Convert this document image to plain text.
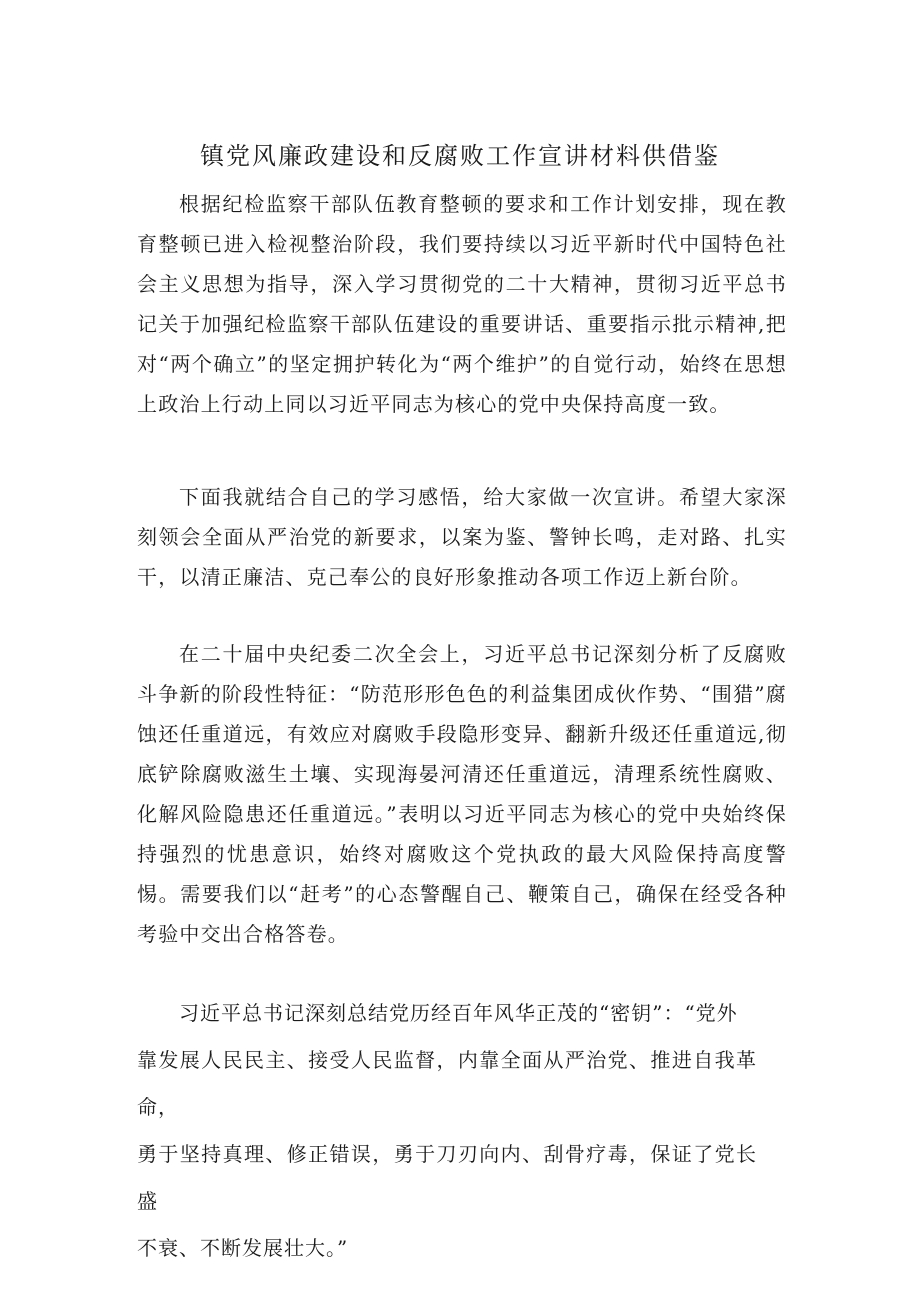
镇党风廉政建设和反腐败工作宣讲材料供借鉴

根据纪检监察干部队伍教育整顿的要求和工作计划安排，现在教育整顿已进入检视整治阶段，我们要持续以习近平新时代中国特色社会主义思想为指导，深入学习贯彻党的二十大精神，贯彻习近平总书记关于加强纪检监察干部队伍建设的重要讲话、重要指示批示精神,把对“两个确立”的坚定拥护转化为“两个维护”的自觉行动，始终在思想上政治上行动上同以习近平同志为核心的党中央保持高度一致。

下面我就结合自己的学习感悟，给大家做一次宣讲。希望大家深刻领会全面从严治党的新要求，以案为鉴、警钟长鸣，走对路、扎实干，以清正廉洁、克己奉公的良好形象推动各项工作迈上新台阶。

在二十届中央纪委二次全会上，习近平总书记深刻分析了反腐败斗争新的阶段性特征：“防范形形色色的利益集团成伙作势、“围猎”腐蚀还任重道远，有效应对腐败手段隐形变异、翻新升级还任重道远,彻底铲除腐败滋生土壤、实现海晏河清还任重道远，清理系统性腐败、化解风险隐患还任重道远。”表明以习近平同志为核心的党中央始终保持强烈的忧患意识，始终对腐败这个党执政的最大风险保持高度警惕。需要我们以“赶考”的心态警醒自己、鞭策自己，确保在经受各种考验中交出合格答卷。

　　习近平总书记深刻总结党历经百年风华正茂的“密钥”：“党外
靠发展人民民主、接受人民监督，内靠全面从严治党、推进自我革命，
勇于坚持真理、修正错误，勇于刀刃向内、刮骨疗毒，保证了党长盛
不衰、不断发展壮大。”
